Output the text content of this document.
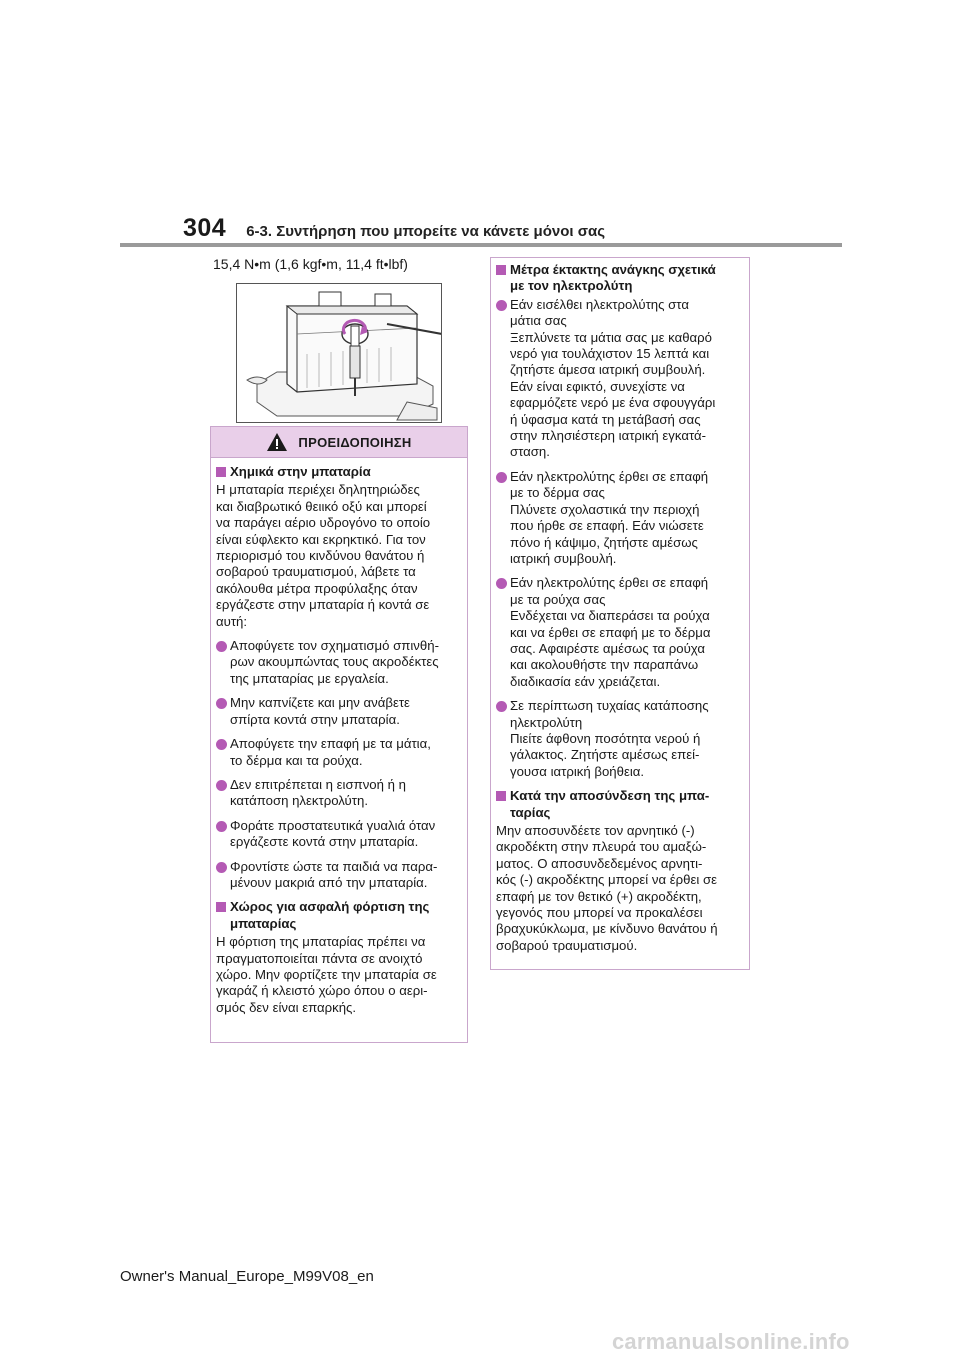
304 6-3. Συντήρηση που μπορείτε να κάνετε μόνοι σας
15,4 N•m (1,6 kgf•m, 11,4 ft•lbf)
ΠΡΟΕΙΔΟΠΟΙΗΣΗ
Χημικά στην μπαταρία
Η μπαταρία περιέχει δηλητηριώδες
και διαβρωτικό θειικό οξύ και μπορεί
να παράγει αέριο υδρογόνο το οποίο
είναι εύφλεκτο και εκρηκτικό. Για τον
περιορισμό του κινδύνου θανάτου ή
σοβαρού τραυματισμού, λάβετε τα
ακόλουθα μέτρα προφύλαξης όταν
εργάζεστε στην μπαταρία ή κοντά σε
αυτή:
Αποφύγετε τον σχηματισμό σπινθή-
ρων ακουμπώντας τους ακροδέκτες
της μπαταρίας με εργαλεία.
Μην καπνίζετε και μην ανάβετε
σπίρτα κοντά στην μπαταρία.
Αποφύγετε την επαφή με τα μάτια,
το δέρμα και τα ρούχα.
Δεν επιτρέπεται η εισπνοή ή η
κατάποση ηλεκτρολύτη.
Φοράτε προστατευτικά γυαλιά όταν
εργάζεστε κοντά στην μπαταρία.
Φροντίστε ώστε τα παιδιά να παρα-
μένουν μακριά από την μπαταρία.
Χώρος για ασφαλή φόρτιση της
μπαταρίας
Η φόρτιση της μπαταρίας πρέπει να
πραγματοποιείται πάντα σε ανοιχτό
χώρο. Μην φορτίζετε την μπαταρία σε
γκαράζ ή κλειστό χώρο όπου ο αερι-
σμός δεν είναι επαρκής.
Μέτρα έκτακτης ανάγκης σχετικά
με τον ηλεκτρολύτη
Εάν εισέλθει ηλεκτρολύτης στα
μάτια σας
Ξεπλύνετε τα μάτια σας με καθαρό
νερό για τουλάχιστον 15 λεπτά και
ζητήστε άμεσα ιατρική συμβουλή.
Εάν είναι εφικτό, συνεχίστε να
εφαρμόζετε νερό με ένα σφουγγάρι
ή ύφασμα κατά τη μετάβασή σας
στην πλησιέστερη ιατρική εγκατά-
σταση.
Εάν ηλεκτρολύτης έρθει σε επαφή
με το δέρμα σας
Πλύνετε σχολαστικά την περιοχή
που ήρθε σε επαφή. Εάν νιώσετε
πόνο ή κάψιμο, ζητήστε αμέσως
ιατρική συμβουλή.
Εάν ηλεκτρολύτης έρθει σε επαφή
με τα ρούχα σας
Ενδέχεται να διαπεράσει τα ρούχα
και να έρθει σε επαφή με το δέρμα
σας. Αφαιρέστε αμέσως τα ρούχα
και ακολουθήστε την παραπάνω
διαδικασία εάν χρειάζεται.
Σε περίπτωση τυχαίας κατάποσης
ηλεκτρολύτη
Πιείτε άφθονη ποσότητα νερού ή
γάλακτος. Ζητήστε αμέσως επεί-
γουσα ιατρική βοήθεια.
Κατά την αποσύνδεση της μπα-
ταρίας
Μην αποσυνδέετε τον αρνητικό (-)
ακροδέκτη στην πλευρά του αμαξώ-
ματος. Ο αποσυνδεδεμένος αρνητι-
κός (-) ακροδέκτης μπορεί να έρθει σε
επαφή με τον θετικό (+) ακροδέκτη,
γεγονός που μπορεί να προκαλέσει
βραχυκύκλωμα, με κίνδυνο θανάτου ή
σοβαρού τραυματισμού.
Owner's Manual_Europe_M99V08_en
carmanualsonline.info
